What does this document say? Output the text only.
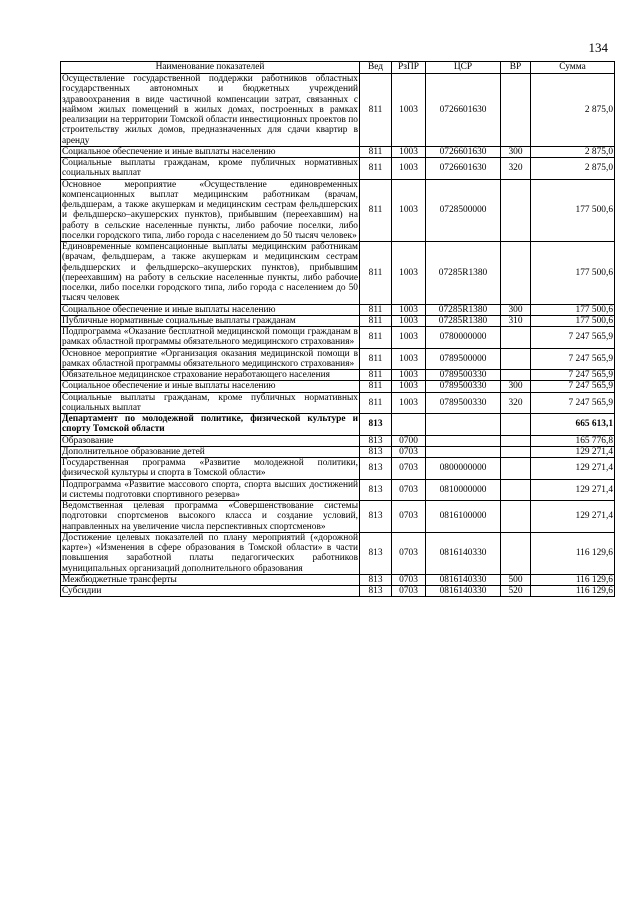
134
Наименование показателей	Вед	РзПР	ЦСР	ВР	Сумма
Осуществление государственной поддержки работников областных государственных автономных и бюджетных учреждений здравоохранения в виде частичной компенсации затрат, связанных с наймом жилых помещений в жилых домах, построенных в рамках реализации на территории Томской области инвестиционных проектов по строительству жилых домов, предназначенных для сдачи квартир в аренду	811	1003	0726601630		2 875,0
Социальное обеспечение и иные выплаты населению	811	1003	0726601630	300	2 875,0
Социальные выплаты гражданам, кроме публичных нормативных социальных выплат	811	1003	0726601630	320	2 875,0
Основное мероприятие «Осуществление единовременных компенсационных выплат медицинским работникам (врачам, фельдшерам, а также акушеркам и медицинским сестрам фельдшерских и фельдшерско–акушерских пунктов), прибывшим (переехавшим) на работу в сельские населенные пункты, либо рабочие поселки, либо поселки городского типа, либо города с населением до 50 тысяч человек»	811	1003	0728500000		177 500,6
Единовременные компенсационные выплаты медицинским работникам (врачам, фельдшерам, а также акушеркам и медицинским сестрам фельдшерских и фельдшерско–акушерских пунктов), прибывшим (переехавшим) на работу в сельские населенные пункты, либо рабочие поселки, либо поселки городского типа, либо города с населением до 50 тысяч человек	811	1003	07285R1380		177 500,6
Социальное обеспечение и иные выплаты населению	811	1003	07285R1380	300	177 500,6
Публичные нормативные социальные выплаты гражданам	811	1003	07285R1380	310	177 500,6
Подпрограмма «Оказание бесплатной медицинской помощи гражданам в рамках областной программы обязательного медицинского страхования»	811	1003	0780000000		7 247 565,9
Основное мероприятие «Организация оказания медицинской помощи в рамках областной программы обязательного медицинского страхования»	811	1003	0789500000		7 247 565,9
Обязательное медицинское страхование неработающего населения	811	1003	0789500330		7 247 565,9
Социальное обеспечение и иные выплаты населению	811	1003	0789500330	300	7 247 565,9
Социальные выплаты гражданам, кроме публичных нормативных социальных выплат	811	1003	0789500330	320	7 247 565,9
Департамент по молодежной политике, физической культуре и спорту Томской области	813				665 613,1
Образование	813	0700			165 776,8
Дополнительное образование детей	813	0703			129 271,4
Государственная программа «Развитие молодежной политики, физической культуры и спорта в Томской области»	813	0703	0800000000		129 271,4
Подпрограмма «Развитие массового спорта, спорта высших достижений и системы подготовки спортивного резерва»	813	0703	0810000000		129 271,4
Ведомственная целевая программа «Совершенствование системы подготовки спортсменов высокого класса и создание условий, направленных на увеличение числа перспективных спортсменов»	813	0703	0816100000		129 271,4
Достижение целевых показателей по плану мероприятий («дорожной карте») «Изменения в сфере образования в Томской области» в части повышения заработной платы педагогических работников муниципальных организаций дополнительного образования	813	0703	0816140330		116 129,6
Межбюджетные трансферты	813	0703	0816140330	500	116 129,6
Субсидии	813	0703	0816140330	520	116 129,6
